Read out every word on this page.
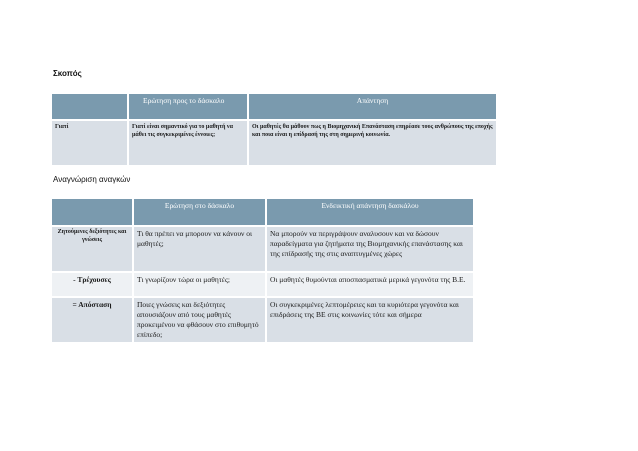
Σκοπός
	Ερώτηση προς το δάσκαλο	Απάντηση
Γιατί	Γιατί είναι σημαντικό για το μαθητή να μάθει τις συγκεκριμένες έννοιες;	Οι μαθητές θα μάθουν πως η Βιομηχανική Επανάσταση επηρέασε τους ανθρώπους της εποχής και ποια είναι η επίδρασή της στη σημερινή κοινωνία.
Αναγνώριση αναγκών
	Ερώτηση στο δάσκαλο	Ενδεικτική απάντηση δασκάλου
Ζητούμενες δεξιότητες και γνώσεις	Τι θα πρέπει να μπορουν να κάνουν οι μαθητές;	Να μπορούν να περιγράψουν αναλυσουν και να δώσουν παραδείγματα για ζητήματα της Βιομηχανικής επανάστασης και της επίδρασής της στις αναπτυγμένες χώρες
- Τρέχουσες	Τι γνωρίζουν τώρα οι μαθητές;	Οι μαθητές θυμούνται αποσπασματικά μερικά γεγονότα της Β.Ε.
= Απόσταση	Ποιες γνώσεις και δεξιότητες απουσιάζουν από τους μαθητές προκειμένου να φθάσουν στο επιθυμητό επίπεδο;	Οι συγκεκριμένες λεπτομέρειες και τα κυριότερα γεγονότα και επιδράσεις της ΒΕ στις κοινωνίες τότε και σήμερα
